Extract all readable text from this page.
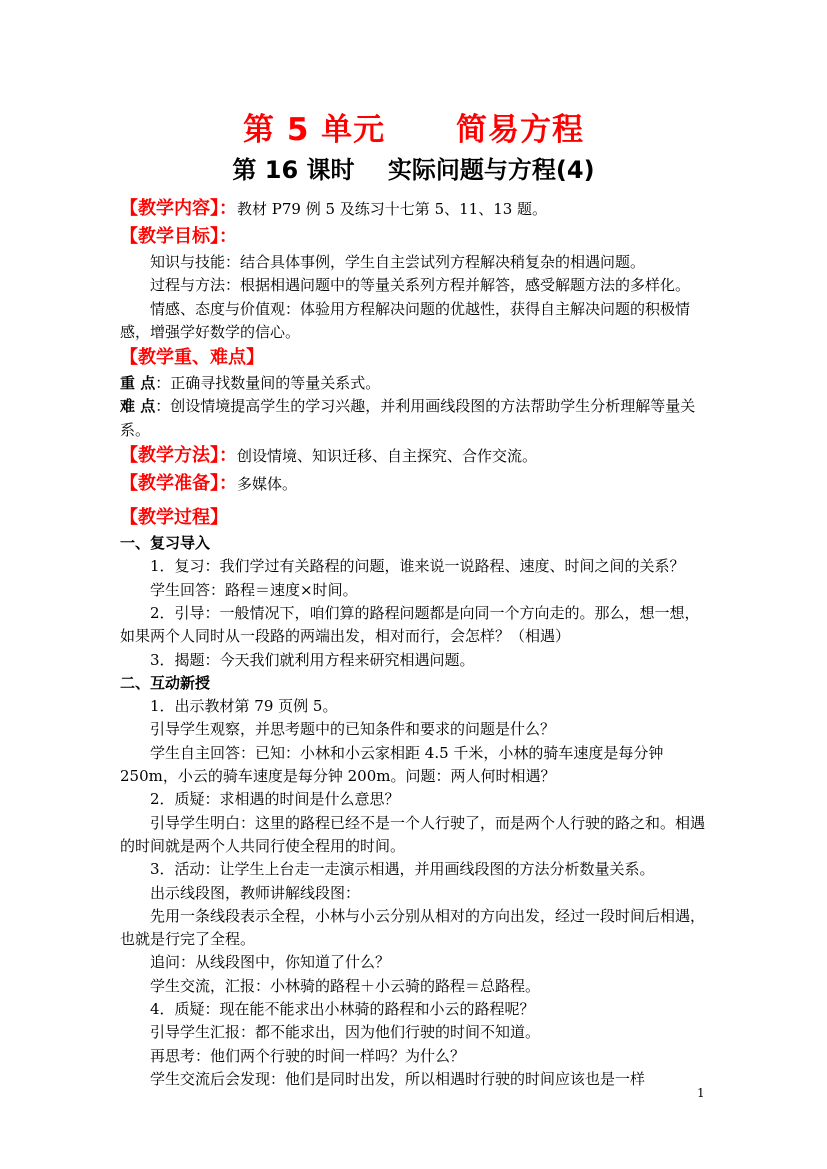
第 5 单元      简易方程
第 16 课时    实际问题与方程(4)

【教学内容】：教材 P79 例 5 及练习十七第 5、11、13 题。

【教学目标】：

知识与技能：结合具体事例，学生自主尝试列方程解决稍复杂的相遇问题。

过程与方法：根据相遇问题中的等量关系列方程并解答，感受解题方法的多样化。

情感、态度与价值观：体验用方程解决问题的优越性，获得自主解决问题的积极情感，增强学好数学的信心。

【教学重、难点】

重 点：正确寻找数量间的等量关系式。

难 点：创设情境提高学生的学习兴趣，并利用画线段图的方法帮助学生分析理解等量关系。

【教学方法】：创设情境、知识迁移、自主探究、合作交流。

【教学准备】：多媒体。

【教学过程】

一、复习导入

1．复习：我们学过有关路程的问题，谁来说一说路程、速度、时间之间的关系？

学生回答：路程＝速度×时间。

2．引导：一般情况下，咱们算的路程问题都是向同一个方向走的。那么，想一想，如果两个人同时从一段路的两端出发，相对而行，会怎样？（相遇）

3．揭题：今天我们就利用方程来研究相遇问题。

二、互动新授

1．出示教材第 79 页例 5。

引导学生观察，并思考题中的已知条件和要求的问题是什么？

学生自主回答：已知：小林和小云家相距 4.5 千米，小林的骑车速度是每分钟 250m，小云的骑车速度是每分钟 200m。问题：两人何时相遇？

2．质疑：求相遇的时间是什么意思？

引导学生明白：这里的路程已经不是一个人行驶了，而是两个人行驶的路之和。相遇的时间就是两个人共同行使全程用的时间。

3．活动：让学生上台走一走演示相遇，并用画线段图的方法分析数量关系。

出示线段图，教师讲解线段图：

先用一条线段表示全程，小林与小云分别从相对的方向出发，经过一段时间后相遇，也就是行完了全程。

追问：从线段图中，你知道了什么？

学生交流，汇报：小林骑的路程＋小云骑的路程＝总路程。

4．质疑：现在能不能求出小林骑的路程和小云的路程呢？

引导学生汇报：都不能求出，因为他们行驶的时间不知道。

再思考：他们两个行驶的时间一样吗？为什么？

学生交流后会发现：他们是同时出发，所以相遇时行驶的时间应该也是一样

1
